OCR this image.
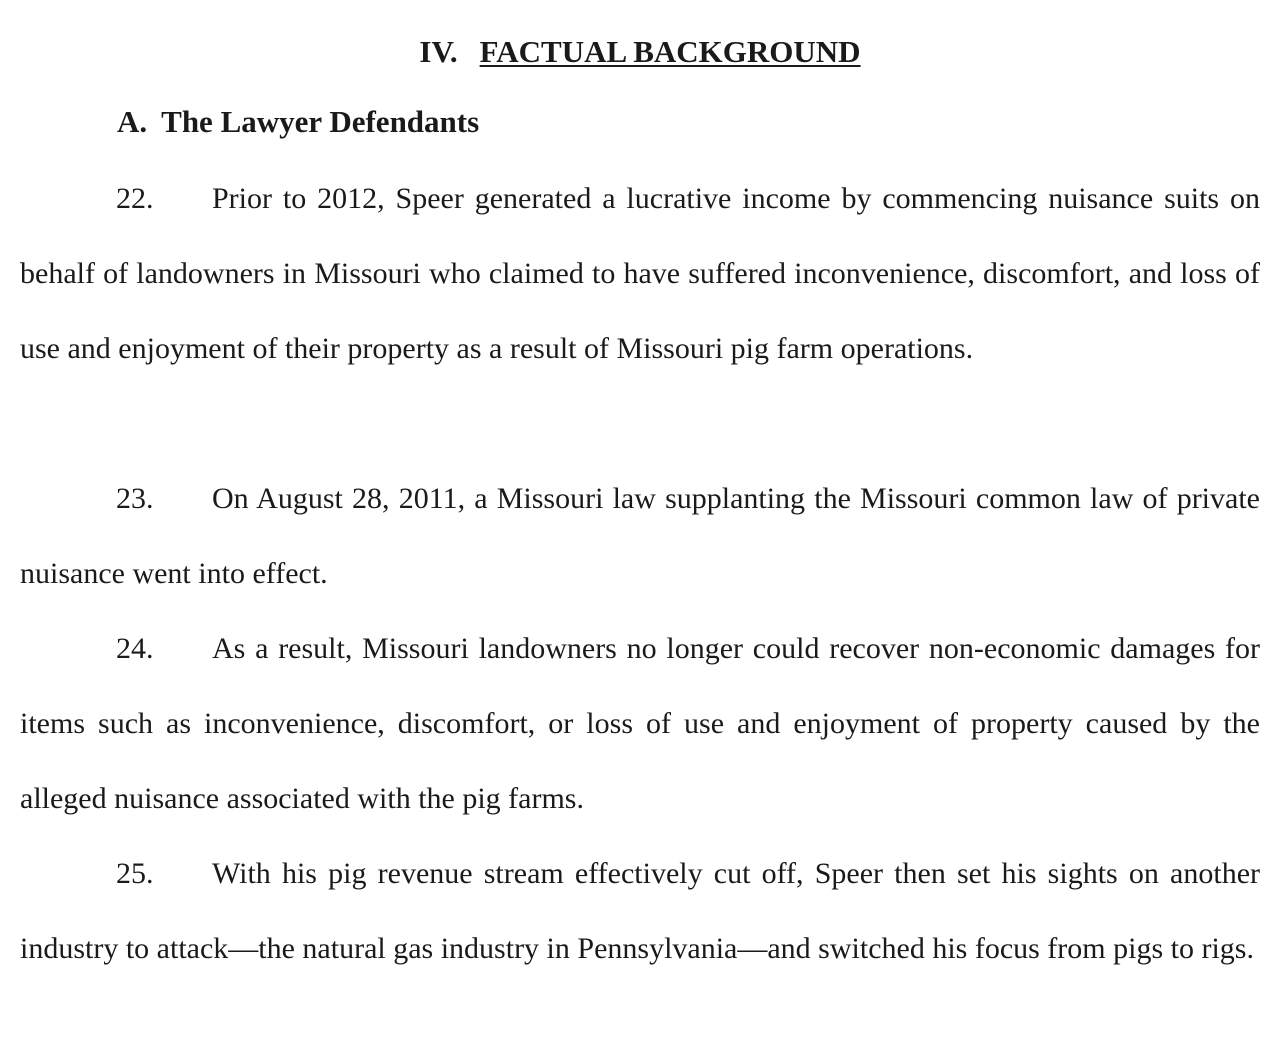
IV. FACTUAL BACKGROUND
A. The Lawyer Defendants

22. Prior to 2012, Speer generated a lucrative income by commencing nuisance suits on behalf of landowners in Missouri who claimed to have suffered inconvenience, discomfort, and loss of use and enjoyment of their property as a result of Missouri pig farm operations.

23. On August 28, 2011, a Missouri law supplanting the Missouri common law of private nuisance went into effect.

24. As a result, Missouri landowners no longer could recover non-economic damages for items such as inconvenience, discomfort, or loss of use and enjoyment of property caused by the alleged nuisance associated with the pig farms.

25. With his pig revenue stream effectively cut off, Speer then set his sights on another industry to attack—the natural gas industry in Pennsylvania—and switched his focus from pigs to rigs.
